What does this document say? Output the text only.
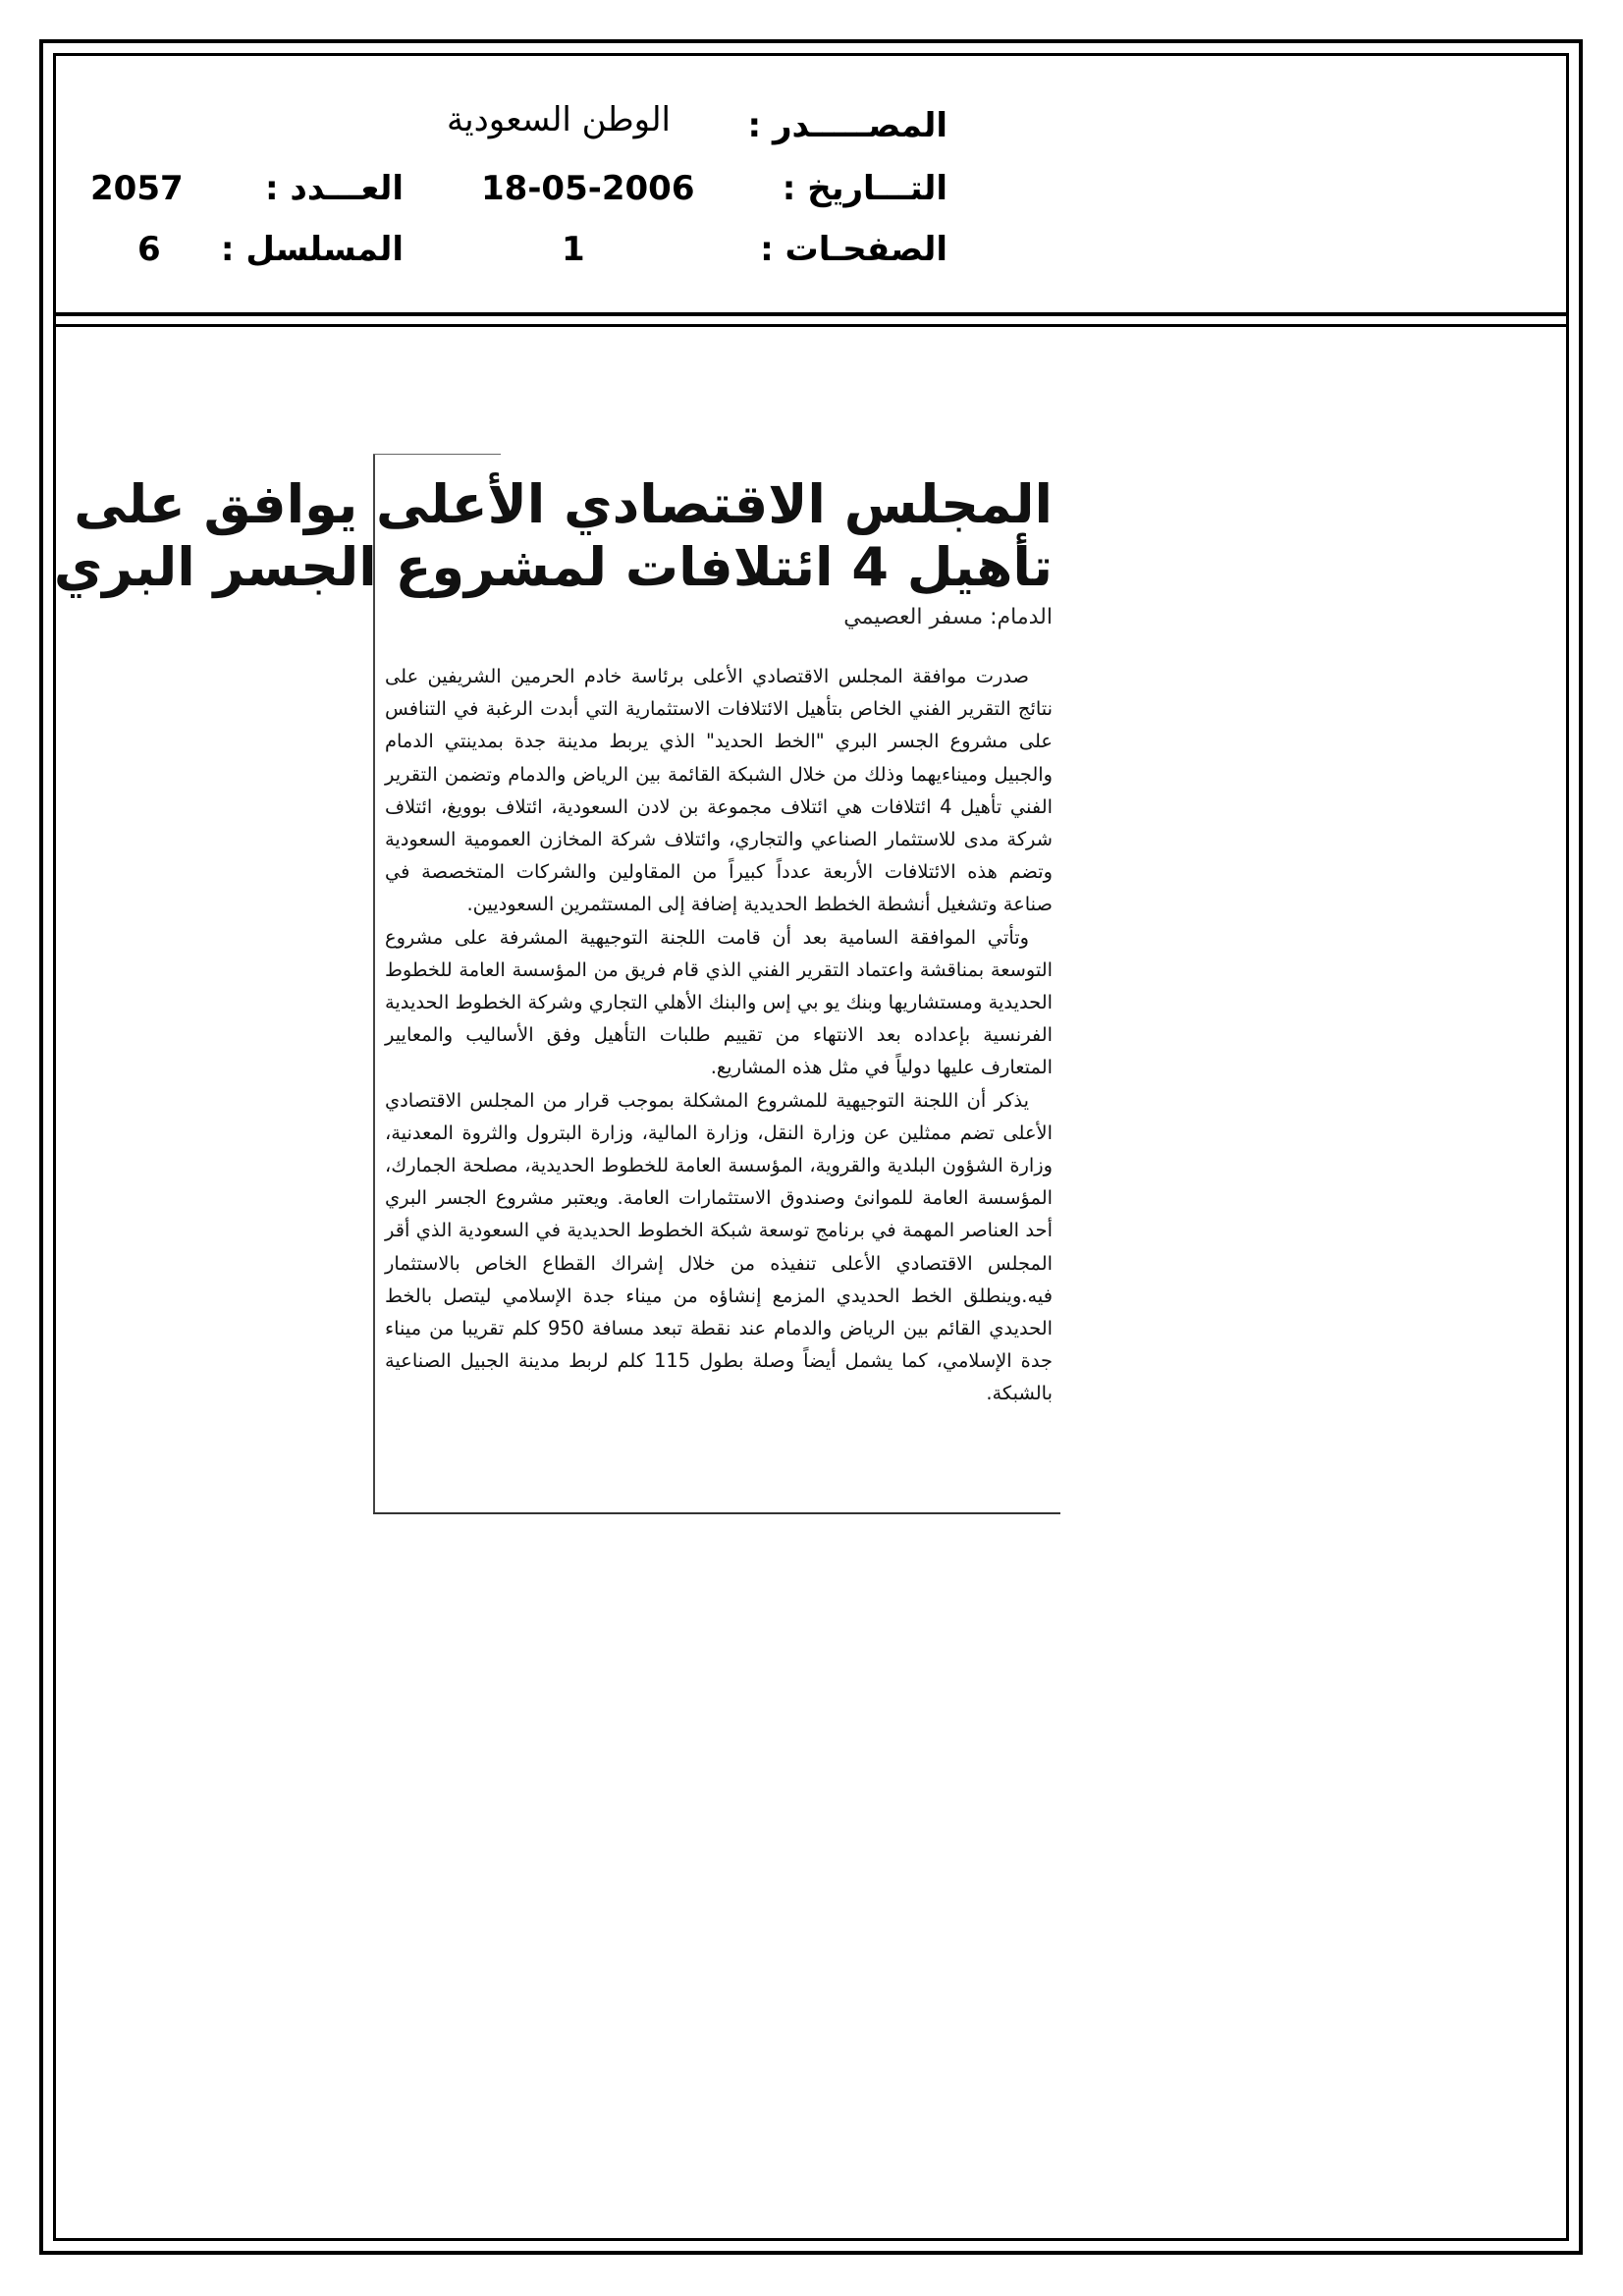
المصـــــدر :
الوطن السعودية
التـــاريخ :
18-05-2006
العـــدد :
2057
الصفحـات :
1
المسلسل :
6
المجلس الاقتصادي الأعلى يوافق على
تأهيل 4 ائتلافات لمشروع الجسر البري
الدمام: مسفر العصيمي

صدرت موافقة المجلس الاقتصادي الأعلى برئاسة خادم الحرمين الشريفين على نتائج التقرير الفني الخاص بتأهيل الائتلافات الاستثمارية التي أبدت الرغبة في التنافس على مشروع الجسر البري "الخط الحديد" الذي يربط مدينة جدة بمدينتي الدمام والجبيل وميناءيهما وذلك من خلال الشبكة القائمة بين الرياض والدمام وتضمن التقرير الفني تأهيل 4 ائتلافات هي ائتلاف مجموعة بن لادن السعودية، ائتلاف بوويغ، ائتلاف شركة مدى للاستثمار الصناعي والتجاري، وائتلاف شركة المخازن العمومية السعودية وتضم هذه الائتلافات الأربعة عدداً كبيراً من المقاولين والشركات المتخصصة في صناعة وتشغيل أنشطة الخطط الحديدية إضافة إلى المستثمرين السعوديين.

وتأتي الموافقة السامية بعد أن قامت اللجنة التوجيهية المشرفة على مشروع التوسعة بمناقشة واعتماد التقرير الفني الذي قام فريق من المؤسسة العامة للخطوط الحديدية ومستشاريها وبنك يو بي إس والبنك الأهلي التجاري وشركة الخطوط الحديدية الفرنسية بإعداده بعد الانتهاء من تقييم طلبات التأهيل وفق الأساليب والمعايير المتعارف عليها دولياً في مثل هذه المشاريع.

يذكر أن اللجنة التوجيهية للمشروع المشكلة بموجب قرار من المجلس الاقتصادي الأعلى تضم ممثلين عن وزارة النقل، وزارة المالية، وزارة البترول والثروة المعدنية، وزارة الشؤون البلدية والقروية، المؤسسة العامة للخطوط الحديدية، مصلحة الجمارك، المؤسسة العامة للموانئ وصندوق الاستثمارات العامة. ويعتبر مشروع الجسر البري أحد العناصر المهمة في برنامج توسعة شبكة الخطوط الحديدية في السعودية الذي أقر المجلس الاقتصادي الأعلى تنفيذه من خلال إشراك القطاع الخاص بالاستثمار فيه.وينطلق الخط الحديدي المزمع إنشاؤه من ميناء جدة الإسلامي ليتصل بالخط الحديدي القائم بين الرياض والدمام عند نقطة تبعد مسافة 950 كلم تقريبا من ميناء جدة الإسلامي، كما يشمل أيضاً وصلة بطول 115 كلم لربط مدينة الجبيل الصناعية بالشبكة.
